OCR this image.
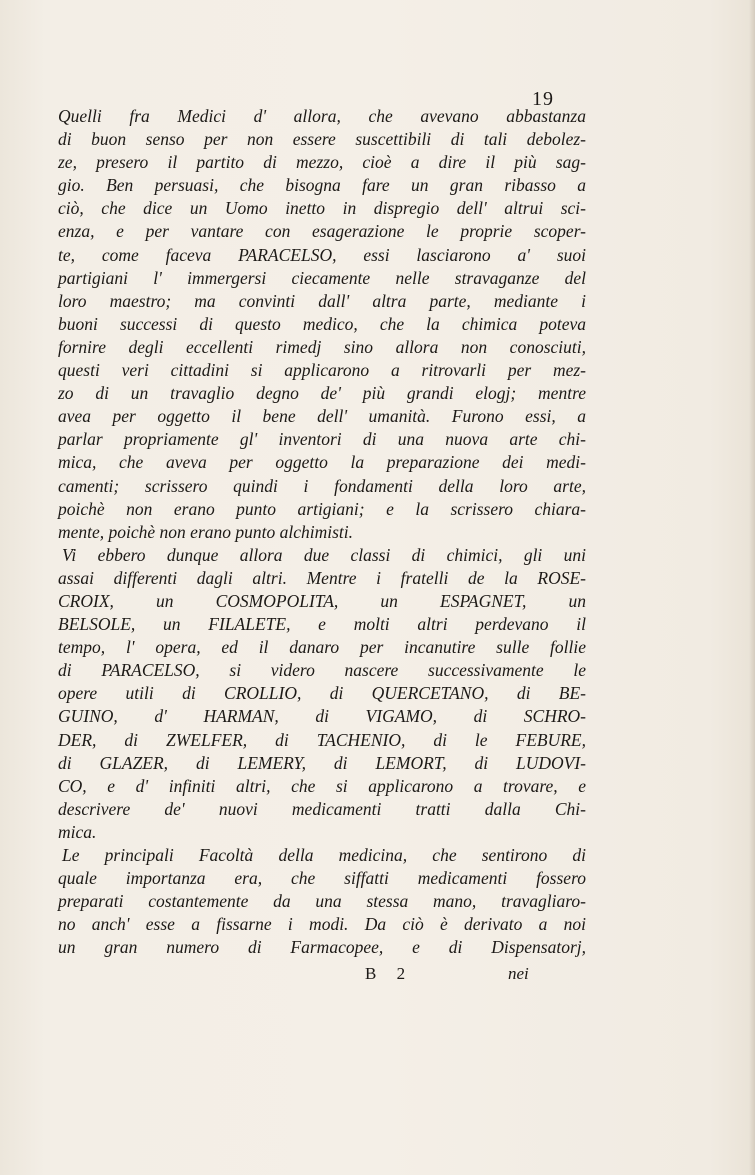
19
Quelli fra Medici d' allora, che avevano abbastanza
di buon senso per non essere suscettibili di tali debolez-
ze, presero il partito di mezzo, cioè a dire il più sag-
gio. Ben persuasi, che bisogna fare un gran ribasso a
ciò, che dice un Uomo inetto in dispregio dell' altrui sci-
enza, e per vantare con esagerazione le proprie scoper-
te, come faceva PARACELSO, essi lasciarono a' suoi
partigiani l' immergersi ciecamente nelle stravaganze del
loro maestro; ma convinti dall' altra parte, mediante i
buoni successi di questo medico, che la chimica poteva
fornire degli eccellenti rimedj sino allora non conosciuti,
questi veri cittadini si applicarono a ritrovarli per mez-
zo di un travaglio degno de' più grandi elogj; mentre
avea per oggetto il bene dell' umanità. Furono essi, a
parlar propriamente gl' inventori di una nuova arte chi-
mica, che aveva per oggetto la preparazione dei medi-
camenti; scrissero quindi i fondamenti della loro arte,
poichè non erano punto artigiani; e la scrissero chiara-
mente, poichè non erano punto alchimisti.
Vi ebbero dunque allora due classi di chimici, gli uni
assai differenti dagli altri. Mentre i fratelli de la ROSE-
CROIX, un COSMOPOLITA, un ESPAGNET, un
BELSOLE, un FILALETE, e molti altri perdevano il
tempo, l' opera, ed il danaro per incanutire sulle follie
di PARACELSO, si videro nascere successivamente le
opere utili di CROLLIO, di QUERCETANO, di BE-
GUINO, d' HARMAN, di VIGAMO, di SCHRO-
DER, di ZWELFER, di TACHENIO, di le FEBURE,
di GLAZER, di LEMERY, di LEMORT, di LUDOVI-
CO, e d' infiniti altri, che si applicarono a trovare, e
descrivere de' nuovi medicamenti tratti dalla Chi-
mica.
Le principali Facoltà della medicina, che sentirono di
quale importanza era, che siffatti medicamenti fossero
preparati costantemente da una stessa mano, travagliaro-
no anch' esse a fissarne i modi. Da ciò è derivato a noi
un gran numero di Farmacopee, e di Dispensatorj,
B 2	nei
